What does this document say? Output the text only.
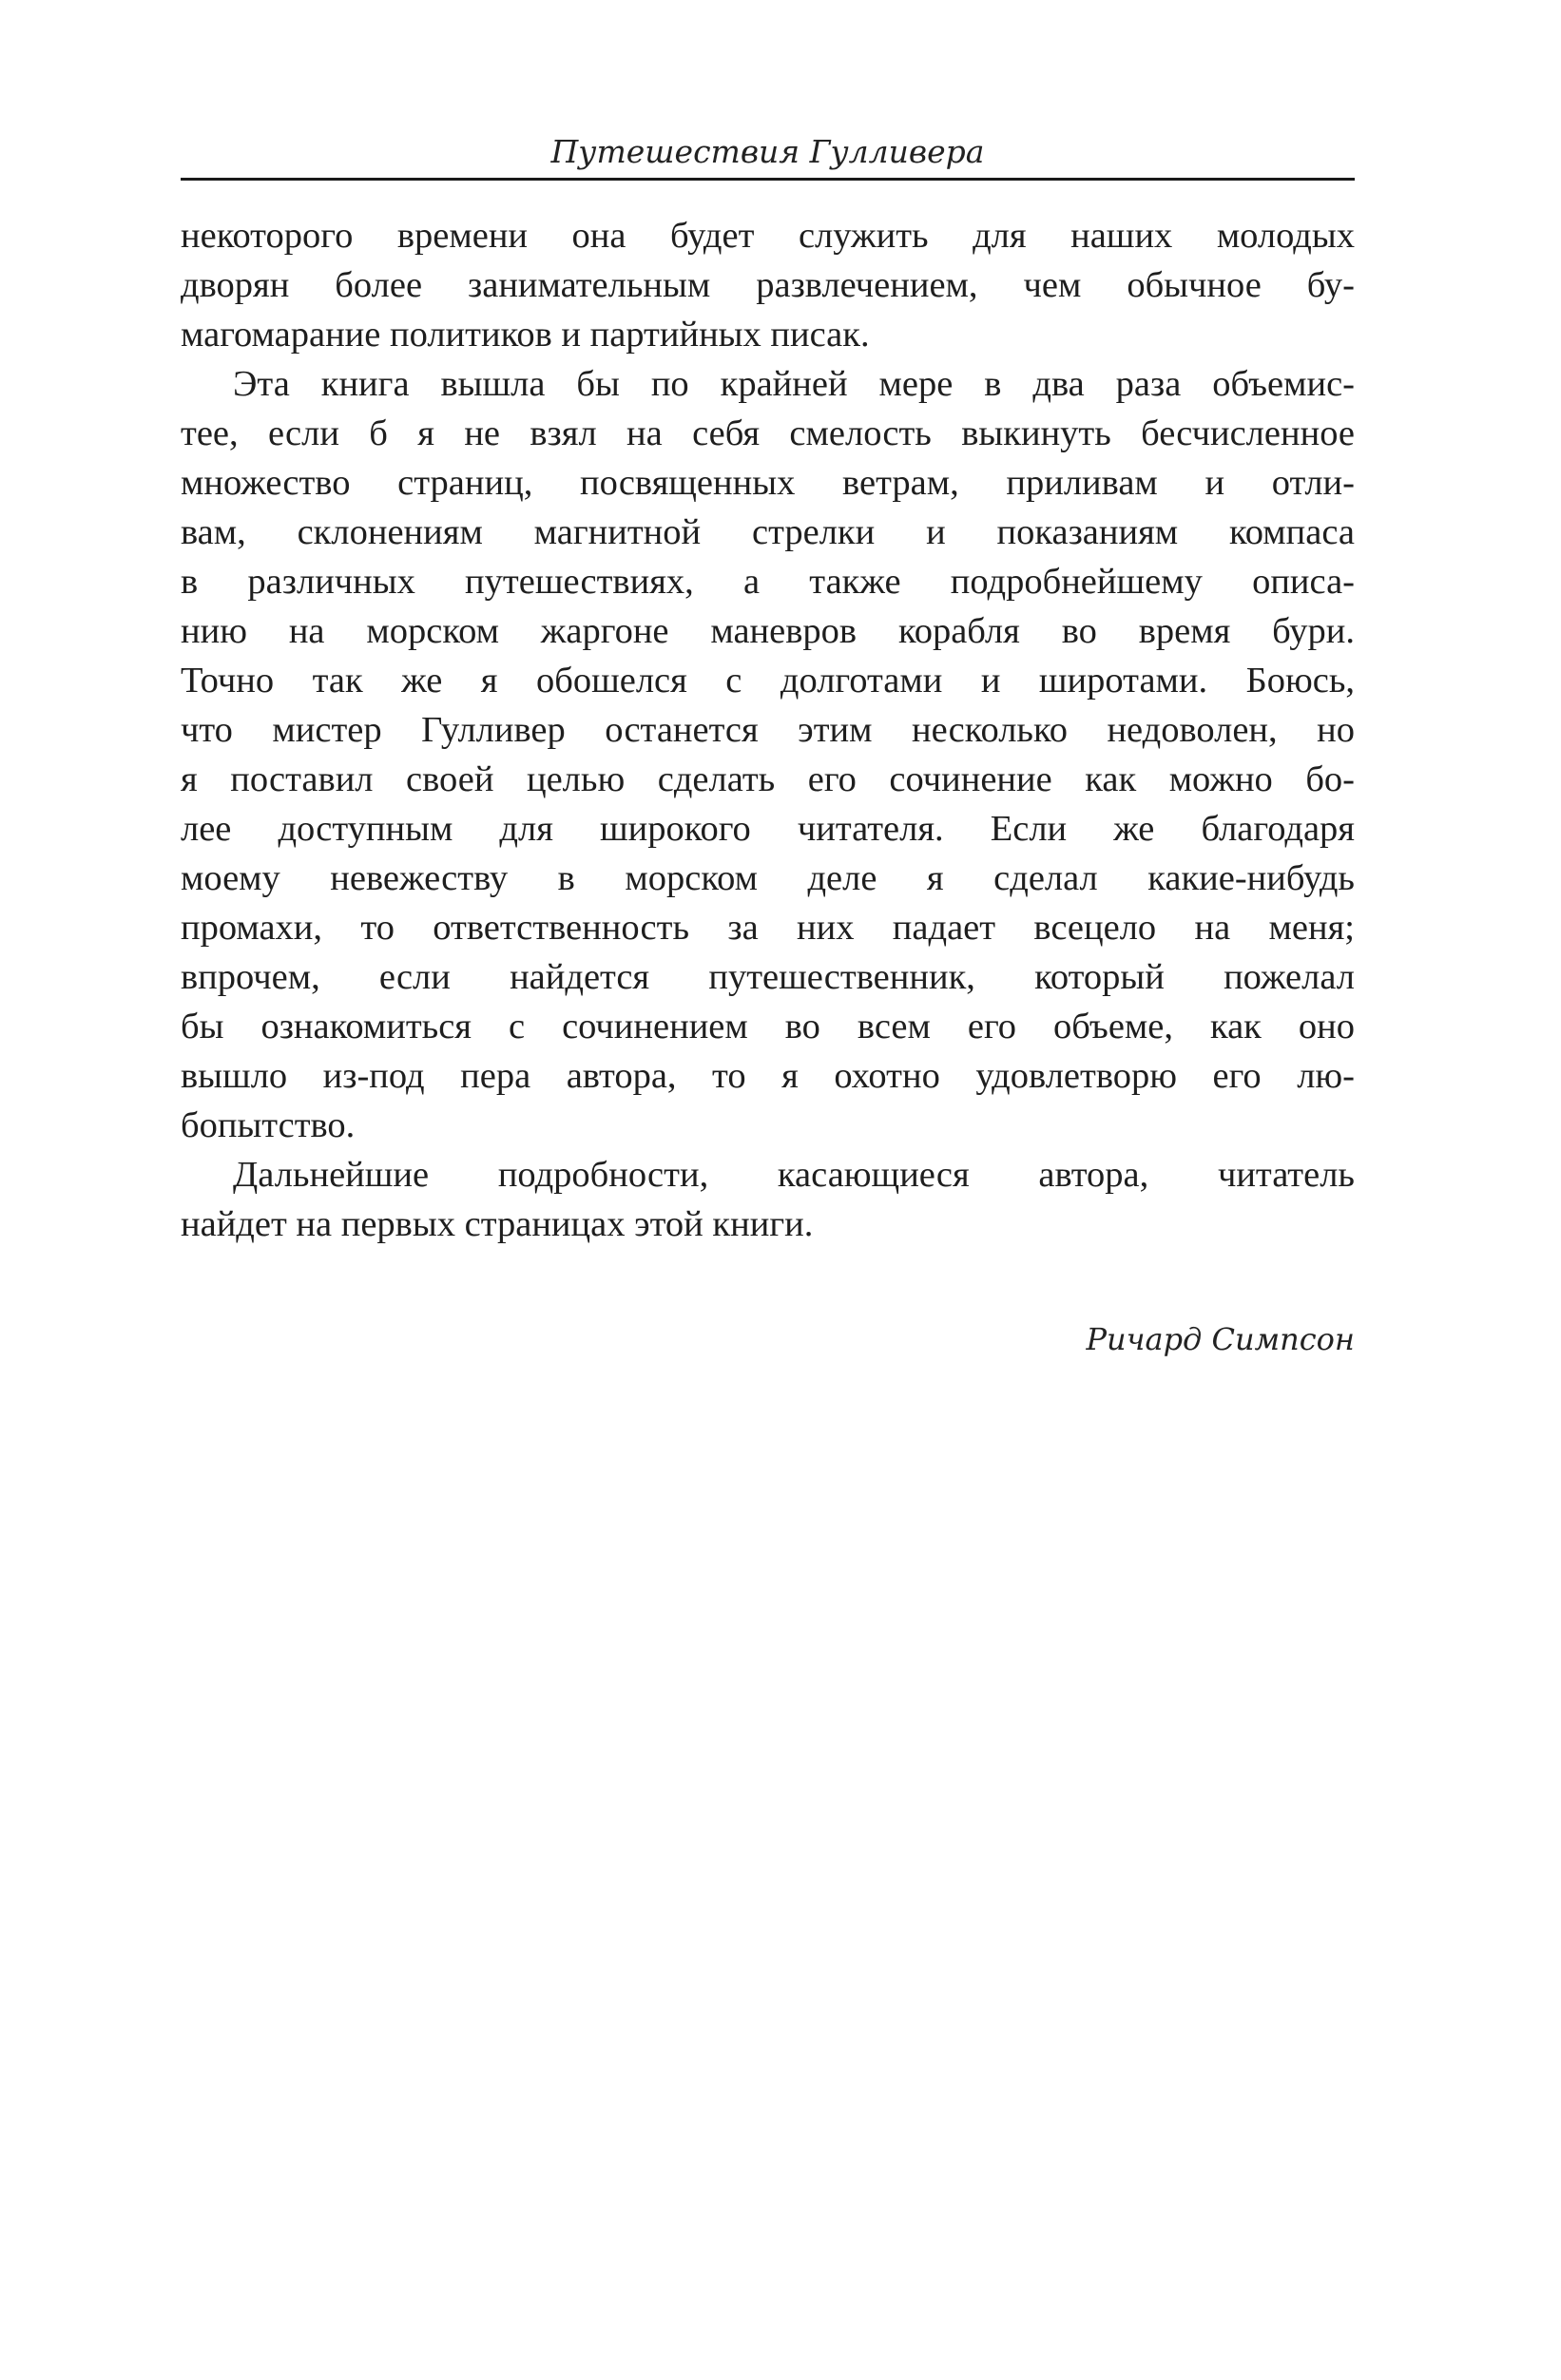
Путешествия Гулливера
некоторого времени она будет служить для наших молодых
дворян более занимательным развлечением, чем обычное бу-
магомарание политиков и партийных писак.
Эта книга вышла бы по крайней мере в два раза объемис-
тее, если б я не взял на себя смелость выкинуть бесчисленное
множество страниц, посвященных ветрам, приливам и отли-
вам, склонениям магнитной стрелки и показаниям компаса
в различных путешествиях, а также подробнейшему описа-
нию на морском жаргоне маневров корабля во время бури.
Точно так же я обошелся с долготами и широтами. Боюсь,
что мистер Гулливер останется этим несколько недоволен, но
я поставил своей целью сделать его сочинение как можно бо-
лее доступным для широкого читателя. Если же благодаря
моему невежеству в морском деле я сделал какие-нибудь
промахи, то ответственность за них падает всецело на меня;
впрочем, если найдется путешественник, который пожелал
бы ознакомиться с сочинением во всем его объеме, как оно
вышло из-под пера автора, то я охотно удовлетворю его лю-
бопытство.
Дальнейшие подробности, касающиеся автора, читатель
найдет на первых страницах этой книги.
Ричард Симпсон
